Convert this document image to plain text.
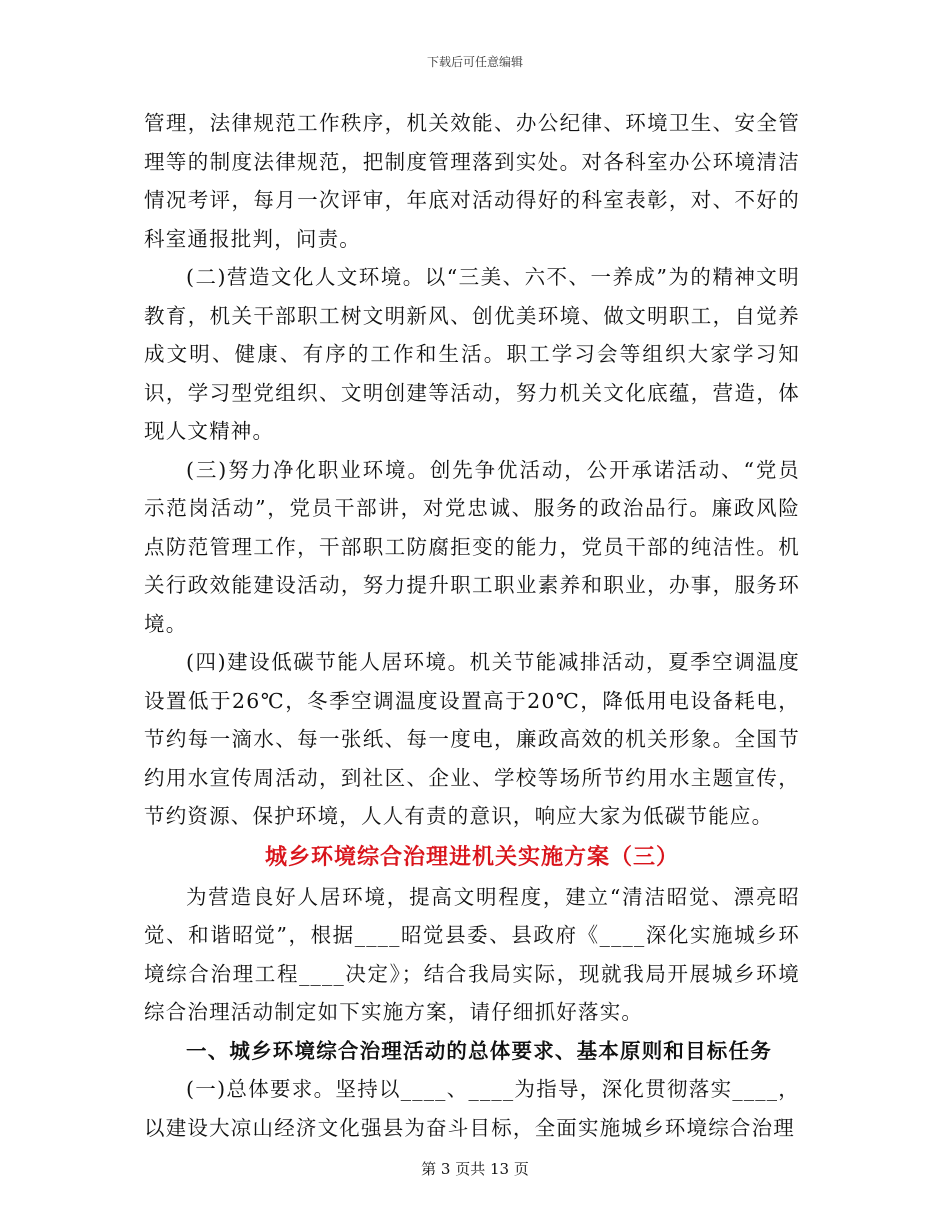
下载后可任意编辑

管理，法律规范工作秩序，机关效能、办公纪律、环境卫生、安全管理等的制度法律规范，把制度管理落到实处。对各科室办公环境清洁情况考评，每月一次评审，年底对活动得好的科室表彰，对、不好的科室通报批判，问责。

(二)营造文化人文环境。以“三美、六不、一养成”为的精神文明教育，机关干部职工树文明新风、创优美环境、做文明职工，自觉养成文明、健康、有序的工作和生活。职工学习会等组织大家学习知识，学习型党组织、文明创建等活动，努力机关文化底蕴，营造，体现人文精神。

(三)努力净化职业环境。创先争优活动，公开承诺活动、“党员示范岗活动”，党员干部讲，对党忠诚、服务的政治品行。廉政风险点防范管理工作，干部职工防腐拒变的能力，党员干部的纯洁性。机关行政效能建设活动，努力提升职工职业素养和职业，办事，服务环境。

(四)建设低碳节能人居环境。机关节能减排活动，夏季空调温度设置低于26℃，冬季空调温度设置高于20℃，降低用电设备耗电，节约每一滴水、每一张纸、每一度电，廉政高效的机关形象。全国节约用水宣传周活动，到社区、企业、学校等场所节约用水主题宣传，节约资源、保护环境，人人有责的意识，响应大家为低碳节能应。

城乡环境综合治理进机关实施方案（三）

为营造良好人居环境，提高文明程度，建立“清洁昭觉、漂亮昭觉、和谐昭觉”，根据____昭觉县委、县政府《____深化实施城乡环境综合治理工程____决定》；结合我局实际，现就我局开展城乡环境综合治理活动制定如下实施方案，请仔细抓好落实。

一、城乡环境综合治理活动的总体要求、基本原则和目标任务

(一)总体要求。坚持以____、____为指导，深化贯彻落实____，以建设大凉山经济文化强县为奋斗目标，全面实施城乡环境综合治理

第 3 页共 13 页
